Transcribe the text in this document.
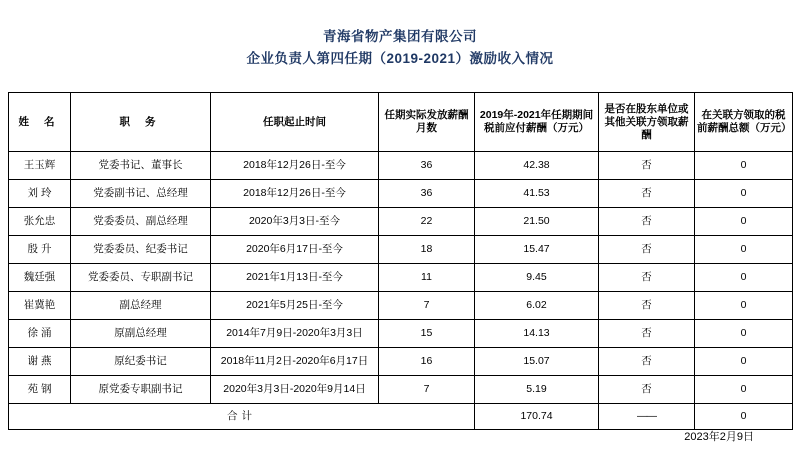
青海省物产集团有限公司
企业负责人第四任期（2019-2021）激励收入情况
姓 名	职 务	任职起止时间	任期实际发放薪酬月数	2019年-2021年任期期间税前应付薪酬（万元）	是否在股东单位或其他关联方领取薪酬	在关联方领取的税前薪酬总额（万元）
王玉辉	党委书记、董事长	2018年12月26日-至今	36	42.38	否	0
刘 玲	党委副书记、总经理	2018年12月26日-至今	36	41.53	否	0
张允忠	党委委员、副总经理	2020年3月3日-至今	22	21.50	否	0
殷 升	党委委员、纪委书记	2020年6月17日-至今	18	15.47	否	0
魏廷强	党委委员、专职副书记	2021年1月13日-至今	11	9.45	否	0
崔冀艳	副总经理	2021年5月25日-至今	7	6.02	否	0
徐 涌	原副总经理	2014年7月9日-2020年3月3日	15	14.13	否	0
谢 燕	原纪委书记	2018年11月2日-2020年6月17日	16	15.07	否	0
苑 钢	原党委专职副书记	2020年3月3日-2020年9月14日	7	5.19	否	0
合计				170.74	——	0
2023年2月9日
